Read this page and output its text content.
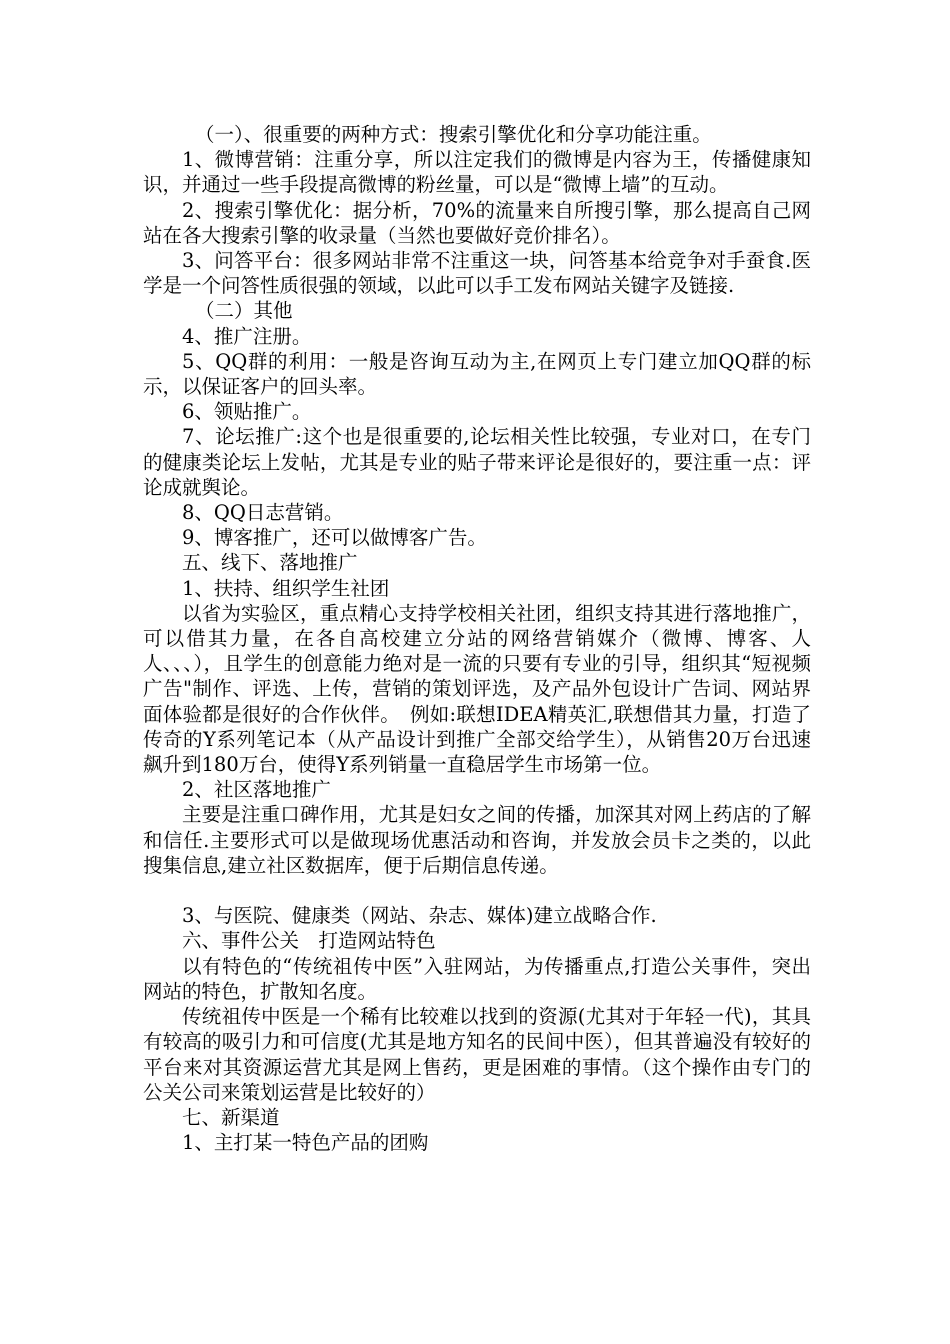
（一）、很重要的两种方式：搜索引擎优化和分享功能注重。

1、微博营销：注重分享，所以注定我们的微博是内容为王，传播健康知识，并通过一些手段提高微博的粉丝量，可以是“微博上墙”的互动。

2、搜索引擎优化：据分析，70%的流量来自所搜引擎，那么提高自己网站在各大搜索引擎的收录量（当然也要做好竞价排名）。

3、问答平台：很多网站非常不注重这一块，问答基本给竞争对手蚕食.医学是一个问答性质很强的领域，以此可以手工发布网站关键字及链接.

（二）其他

4、推广注册。

5、QQ群的利用：一般是咨询互动为主,在网页上专门建立加QQ群的标示，以保证客户的回头率。

6、领贴推广。

7、论坛推广:这个也是很重要的,论坛相关性比较强，专业对口，在专门的健康类论坛上发帖，尤其是专业的贴子带来评论是很好的，要注重一点：评论成就舆论。

8、QQ日志营销。

9、博客推广，还可以做博客广告。

五、线下、落地推广

1、扶持、组织学生社团

以省为实验区，重点精心支持学校相关社团，组织支持其进行落地推广，可以借其力量，在各自高校建立分站的网络营销媒介（微博、博客、人人、、、），且学生的创意能力绝对是一流的只要有专业的引导，组织其“短视频广告"制作、评选、上传，营销的策划评选，及产品外包设计广告词、网站界面体验都是很好的合作伙伴。　例如:联想IDEA精英汇,联想借其力量，打造了传奇的Y系列笔记本（从产品设计到推广全部交给学生），从销售20万台迅速飙升到180万台，使得Y系列销量一直稳居学生市场第一位。

2、社区落地推广

主要是注重口碑作用，尤其是妇女之间的传播，加深其对网上药店的了解和信任.主要形式可以是做现场优惠活动和咨询，并发放会员卡之类的，以此搜集信息,建立社区数据库，便于后期信息传递。

3、与医院、健康类（网站、杂志、媒体)建立战略合作.

六、事件公关　打造网站特色

以有特色的“传统祖传中医”入驻网站，为传播重点,打造公关事件，突出网站的特色，扩散知名度。

传统祖传中医是一个稀有比较难以找到的资源(尤其对于年轻一代)，其具有较高的吸引力和可信度(尤其是地方知名的民间中医），但其普遍没有较好的平台来对其资源运营尤其是网上售药，更是困难的事情。（这个操作由专门的公关公司来策划运营是比较好的）

七、新渠道

1、主打某一特色产品的团购
